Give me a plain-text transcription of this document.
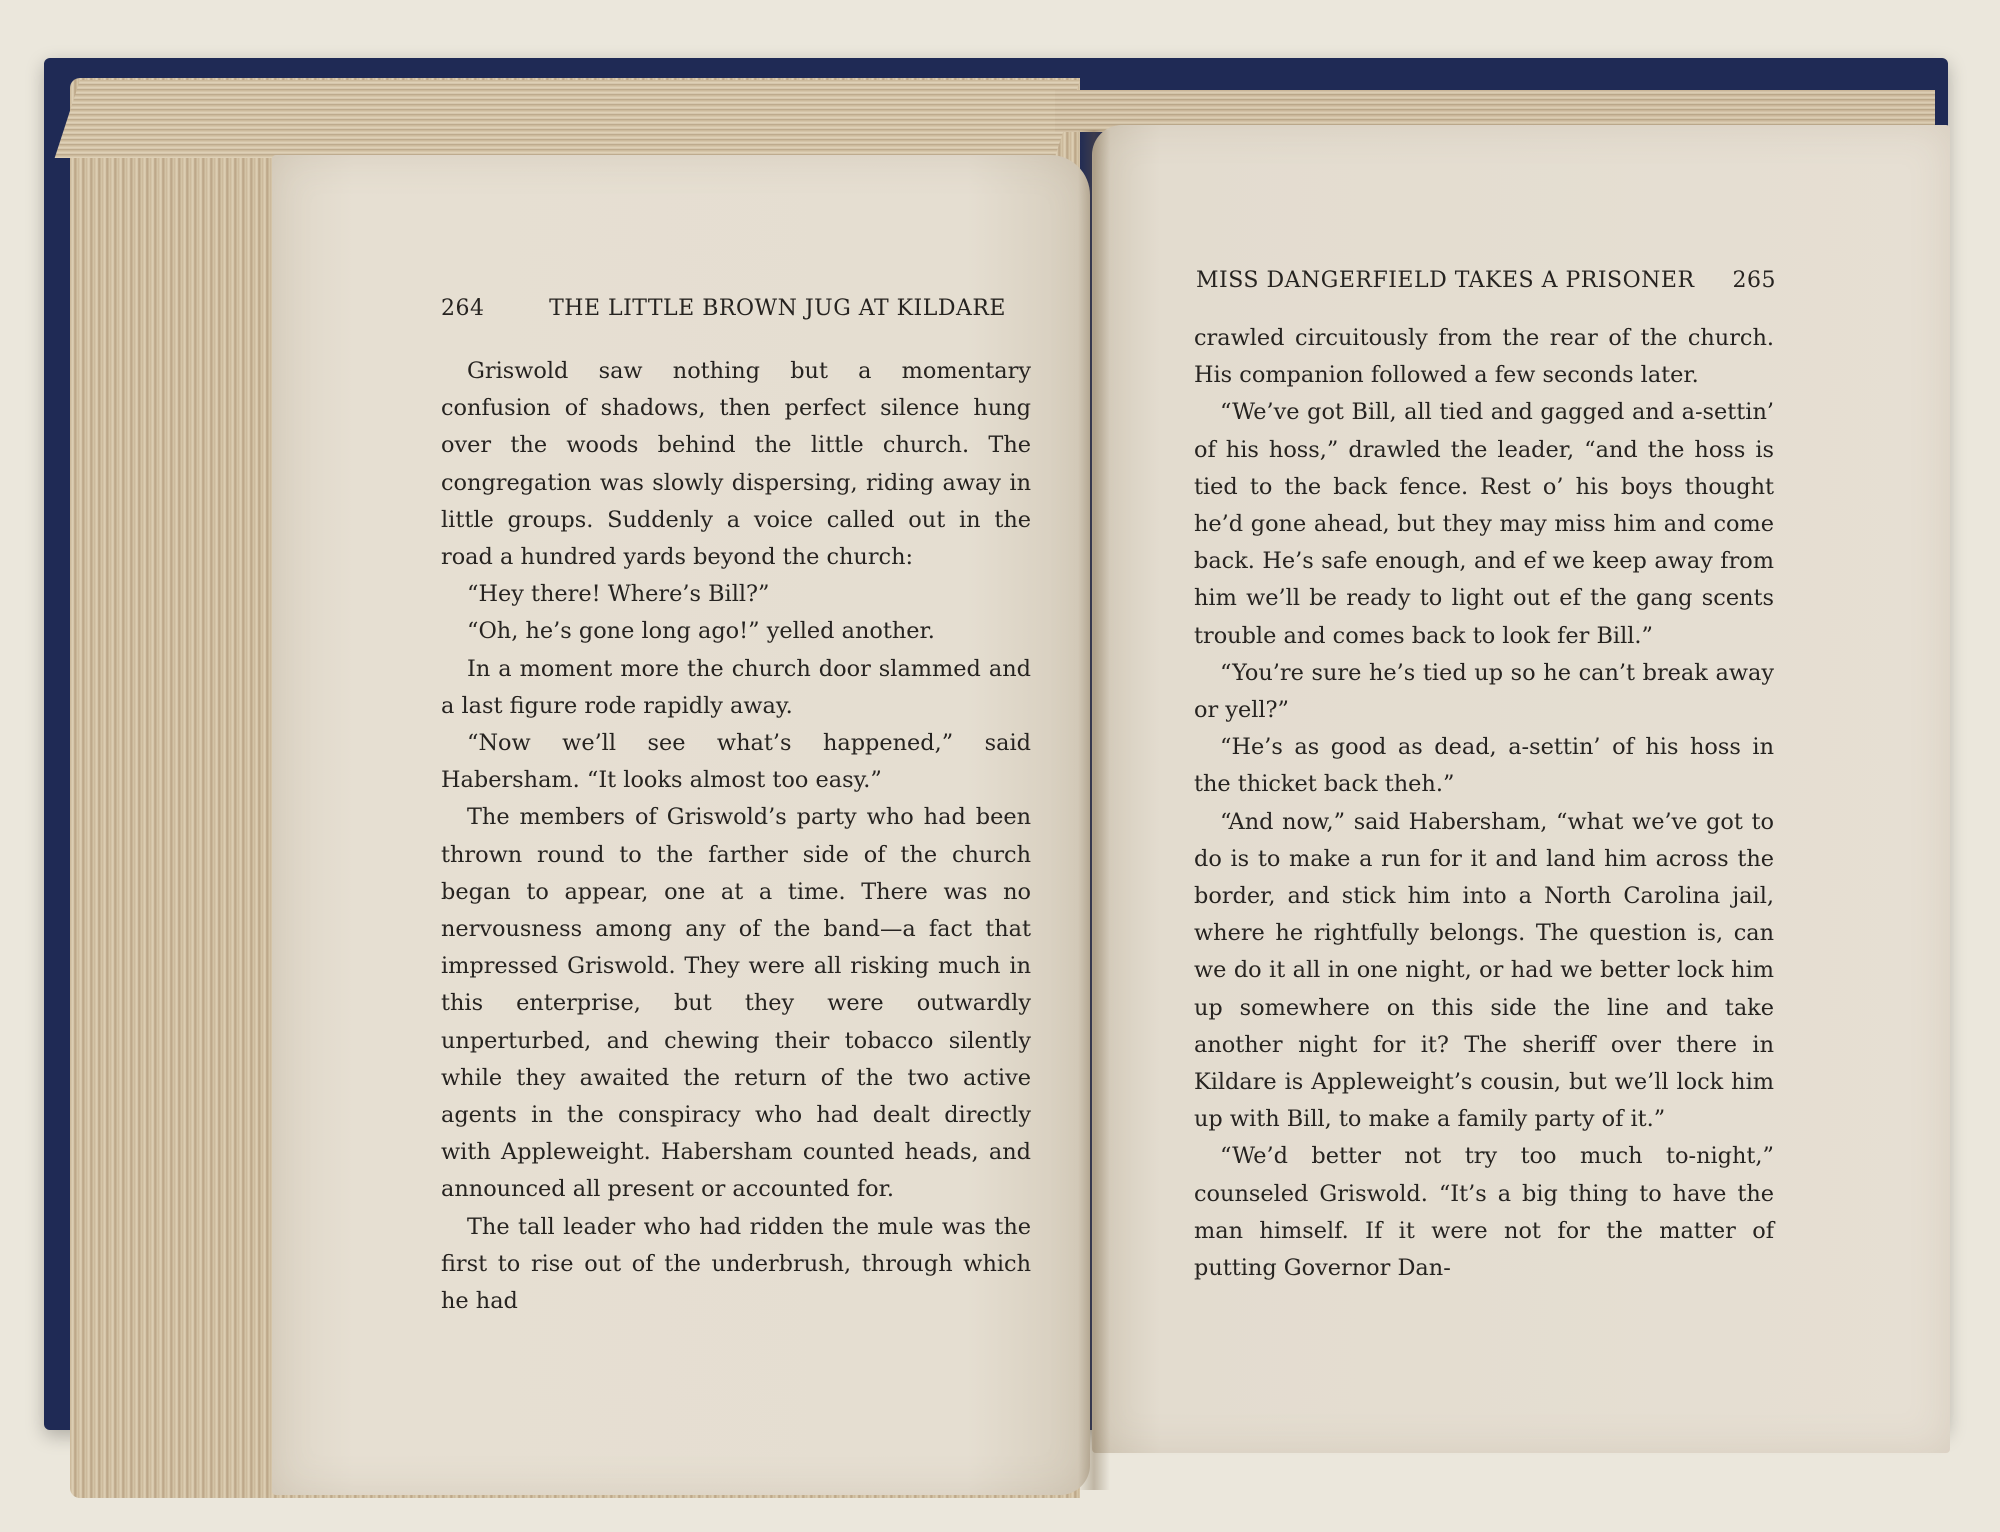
264	THE LITTLE BROWN JUG AT KILDARE

Griswold saw nothing but a momentary confusion of shadows, then perfect silence hung over the woods behind the little church. The congregation was slowly dispersing, riding away in little groups. Suddenly a voice called out in the road a hundred yards beyond the church:

“Hey there! Where’s Bill?”

“Oh, he’s gone long ago!” yelled another.

In a moment more the church door slammed and a last figure rode rapidly away.

“Now we’ll see what’s happened,” said Habersham. “It looks almost too easy.”

The members of Griswold’s party who had been thrown round to the farther side of the church began to appear, one at a time. There was no nervousness among any of the band—a fact that impressed Griswold. They were all risking much in this enterprise, but they were outwardly unperturbed, and chewing their tobacco silently while they awaited the return of the two active agents in the conspiracy who had dealt directly with Appleweight. Habersham counted heads, and announced all present or accounted for.

The tall leader who had ridden the mule was the first to rise out of the underbrush, through which he had

MISS DANGERFIELD TAKES A PRISONER 265

crawled circuitously from the rear of the church. His companion followed a few seconds later.

“We’ve got Bill, all tied and gagged and a-settin’ of his hoss,” drawled the leader, “and the hoss is tied to the back fence. Rest o’ his boys thought he’d gone ahead, but they may miss him and come back. He’s safe enough, and ef we keep away from him we’ll be ready to light out ef the gang scents trouble and comes back to look fer Bill.”

“You’re sure he’s tied up so he can’t break away or yell?”

“He’s as good as dead, a-settin’ of his hoss in the thicket back theh.”

“And now,” said Habersham, “what we’ve got to do is to make a run for it and land him across the border, and stick him into a North Carolina jail, where he rightfully belongs. The question is, can we do it all in one night, or had we better lock him up somewhere on this side the line and take another night for it? The sheriff over there in Kildare is Appleweight’s cousin, but we’ll lock him up with Bill, to make a family party of it.”

“We’d better not try too much to-night,” counseled Griswold. “It’s a big thing to have the man himself. If it were not for the matter of putting Governor Dan-
